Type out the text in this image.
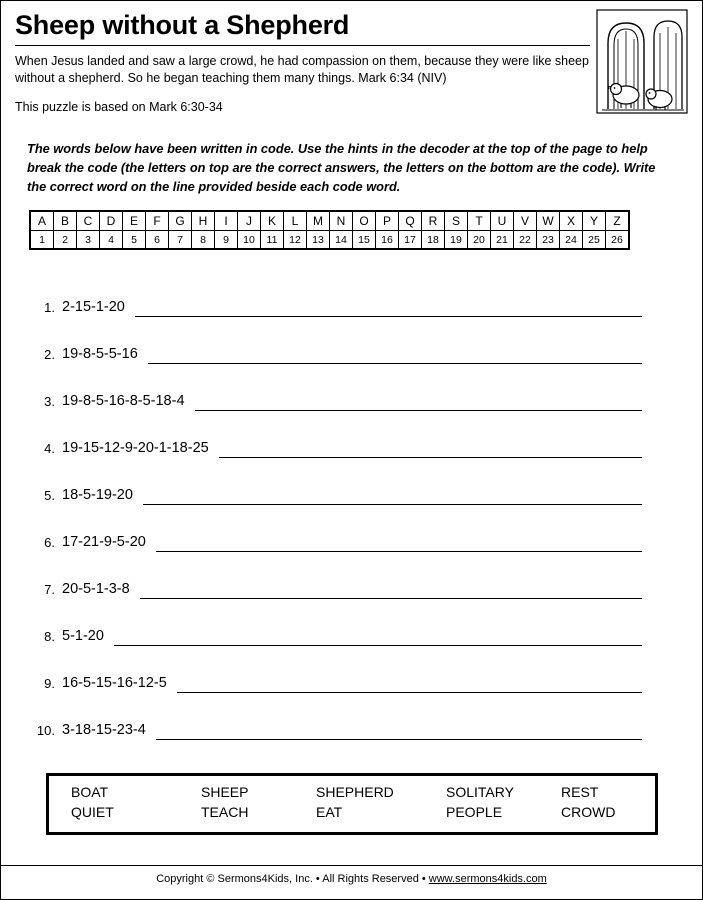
Sheep without a Shepherd
When Jesus landed and saw a large crowd, he had compassion on them, because they were like sheep without a shepherd. So he began teaching them many things. Mark 6:34 (NIV)
This puzzle is based on Mark 6:30-34
The words below have been written in code. Use the hints in the decoder at the top of the page to help break the code (the letters on top are the correct answers, the letters on the bottom are the code). Write the correct word on the line provided beside each code word.
A	B	C	D	E	F	G	H	I	J	K	L	M	N	O	P	Q	R	S	T	U	V	W	X	Y	Z
1	2	3	4	5	6	7	8	9	10	11	12	13	14	15	16	17	18	19	20	21	22	23	24	25	26
1. 2-15-1-20
2. 19-8-5-5-16
3. 19-8-5-16-8-5-18-4
4. 19-15-12-9-20-1-18-25
5. 18-5-19-20
6. 17-21-9-5-20
7. 20-5-1-3-8
8. 5-1-20
9. 16-5-15-16-12-5
10. 3-18-15-23-4
BOAT	SHEEP	SHEPHERD	SOLITARY	REST
QUIET	TEACH	EAT	PEOPLE	CROWD
Copyright © Sermons4Kids, Inc. • All Rights Reserved • www.sermons4kids.com
